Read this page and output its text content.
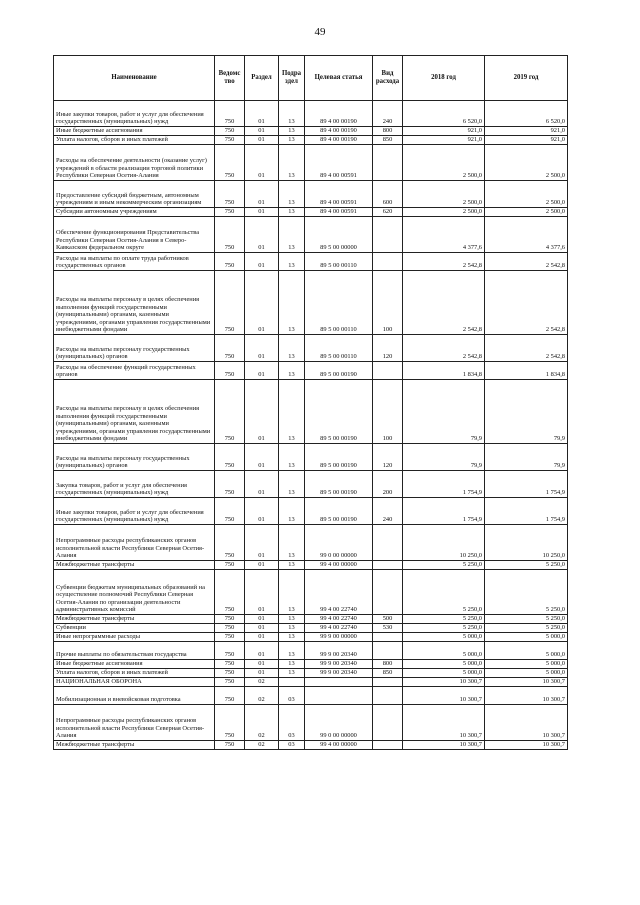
49
Наименование	Ведомс тво	Раздел	Подра здел	Целевая статья	Вид расхода	2018 год	2019 год
Иные закупки товаров, работ и услуг для обеспечения государственных (муниципальных) нужд	750	01	13	89 4 00 00190	240	6 520,0	6 520,0
Иные бюджетные ассигнования	750	01	13	89 4 00 00190	800	921,0	921,0
Уплата налогов, сборов и иных платежей	750	01	13	89 4 00 00190	850	921,0	921,0
Расходы на обеспечение деятельности (оказание услуг) учреждений в области реализации торговой политики Республики Северная Осетия-Алания	750	01	13	89 4 00 00591		2 500,0	2 500,0
Предоставление субсидий бюджетным, автономным учреждениям и иным некоммерческим организациям	750	01	13	89 4 00 00591	600	2 500,0	2 500,0
Субсидии автономным учреждениям	750	01	13	89 4 00 00591	620	2 500,0	2 500,0
Обеспечение функционирования Представительства Республики Северная Осетия-Алания в Северо-Кавказском федеральном округе	750	01	13	89 5 00 00000		4 377,6	4 377,6
Расходы на выплаты по оплате труда работников государственных органов	750	01	13	89 5 00 00110		2 542,8	2 542,8
Расходы на выплаты персоналу в целях обеспечения выполнения функций государственными (муниципальными) органами, казенными учреждениями, органами управления государственными внебюджетными фондами	750	01	13	89 5 00 00110	100	2 542,8	2 542,8
Расходы на выплаты персоналу государственных (муниципальных) органов	750	01	13	89 5 00 00110	120	2 542,8	2 542,8
Расходы на обеспечение функций государственных органов	750	01	13	89 5 00 00190		1 834,8	1 834,8
Расходы на выплаты персоналу в целях обеспечения выполнения функций государственными (муниципальными) органами, казенными учреждениями, органами управления государственными внебюджетными фондами	750	01	13	89 5 00 00190	100	79,9	79,9
Расходы на выплаты персоналу государственных (муниципальных) органов	750	01	13	89 5 00 00190	120	79,9	79,9
Закупка товаров, работ и услуг для обеспечения государственных (муниципальных) нужд	750	01	13	89 5 00 00190	200	1 754,9	1 754,9
Иные закупки товаров, работ и услуг для обеспечения государственных (муниципальных) нужд	750	01	13	89 5 00 00190	240	1 754,9	1 754,9
Непрограммные расходы республиканских органов исполнительной власти Республики Северная Осетия-Алания	750	01	13	99 0 00 00000		10 250,0	10 250,0
Межбюджетные трансферты	750	01	13	99 4 00 00000		5 250,0	5 250,0
Субвенции бюджетам муниципальных образований на осуществление полномочий Республики Северная Осетия-Алания по организации деятельности административных комиссий	750	01	13	99 4 00 22740		5 250,0	5 250,0
Межбюджетные трансферты	750	01	13	99 4 00 22740	500	5 250,0	5 250,0
Субвенции	750	01	13	99 4 00 22740	530	5 250,0	5 250,0
Иные непрограммные расходы	750	01	13	99 9 00 00000		5 000,0	5 000,0
Прочие выплаты по обязательствам государства	750	01	13	99 9 00 20340		5 000,0	5 000,0
Иные бюджетные ассигнования	750	01	13	99 9 00 20340	800	5 000,0	5 000,0
Уплата налогов, сборов и иных платежей	750	01	13	99 9 00 20340	850	5 000,0	5 000,0
НАЦИОНАЛЬНАЯ ОБОРОНА	750	02				10 300,7	10 300,7
Мобилизационная и вневойсковая подготовка	750	02	03			10 300,7	10 300,7
Непрограммные расходы республиканских органов исполнительной власти Республики Северная Осетия-Алания	750	02	03	99 0 00 00000		10 300,7	10 300,7
Межбюджетные трансферты	750	02	03	99 4 00 00000		10 300,7	10 300,7
